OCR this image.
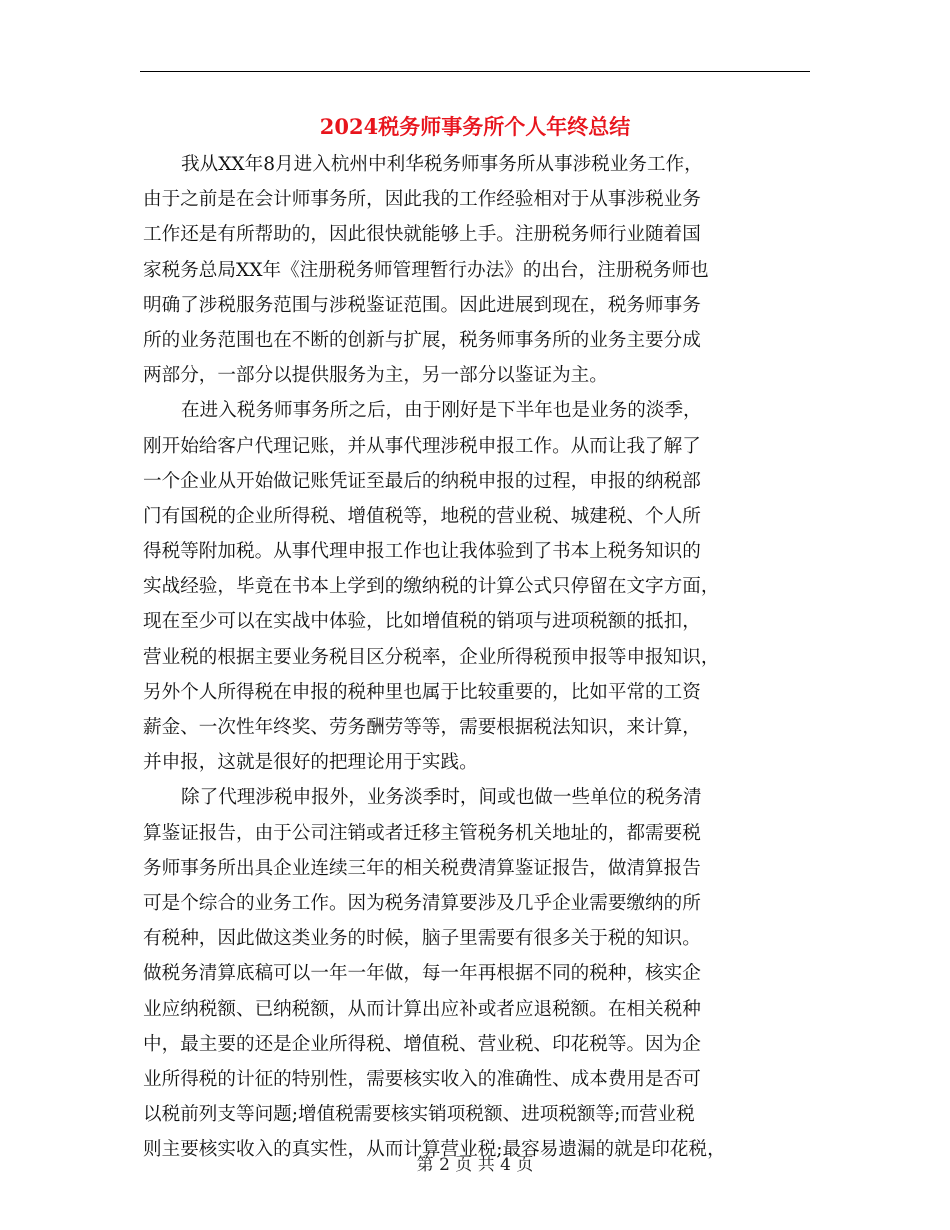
2024税务师事务所个人年终总结
我从XX年8月进入杭州中利华税务师事务所从事涉税业务工作，
由于之前是在会计师事务所，因此我的工作经验相对于从事涉税业务
工作还是有所帮助的，因此很快就能够上手。注册税务师行业随着国
家税务总局XX年《注册税务师管理暂行办法》的出台，注册税务师也
明确了涉税服务范围与涉税鉴证范围。因此进展到现在，税务师事务
所的业务范围也在不断的创新与扩展，税务师事务所的业务主要分成
两部分，一部分以提供服务为主，另一部分以鉴证为主。
在进入税务师事务所之后，由于刚好是下半年也是业务的淡季，
刚开始给客户代理记账，并从事代理涉税申报工作。从而让我了解了
一个企业从开始做记账凭证至最后的纳税申报的过程，申报的纳税部
门有国税的企业所得税、增值税等，地税的营业税、城建税、个人所
得税等附加税。从事代理申报工作也让我体验到了书本上税务知识的
实战经验，毕竟在书本上学到的缴纳税的计算公式只停留在文字方面，
现在至少可以在实战中体验，比如增值税的销项与进项税额的抵扣，
营业税的根据主要业务税目区分税率，企业所得税预申报等申报知识，
另外个人所得税在申报的税种里也属于比较重要的，比如平常的工资
薪金、一次性年终奖、劳务酬劳等等，需要根据税法知识，来计算，
并申报，这就是很好的把理论用于实践。
除了代理涉税申报外，业务淡季时，间或也做一些单位的税务清
算鉴证报告，由于公司注销或者迁移主管税务机关地址的，都需要税
务师事务所出具企业连续三年的相关税费清算鉴证报告，做清算报告
可是个综合的业务工作。因为税务清算要涉及几乎企业需要缴纳的所
有税种，因此做这类业务的时候，脑子里需要有很多关于税的知识。
做税务清算底稿可以一年一年做，每一年再根据不同的税种，核实企
业应纳税额、已纳税额，从而计算出应补或者应退税额。在相关税种
中，最主要的还是企业所得税、增值税、营业税、印花税等。因为企
业所得税的计征的特别性，需要核实收入的准确性、成本费用是否可
以税前列支等问题;增值税需要核实销项税额、进项税额等;而营业税
则主要核实收入的真实性，从而计算营业税;最容易遗漏的就是印花税，
第 2 页 共 4 页
